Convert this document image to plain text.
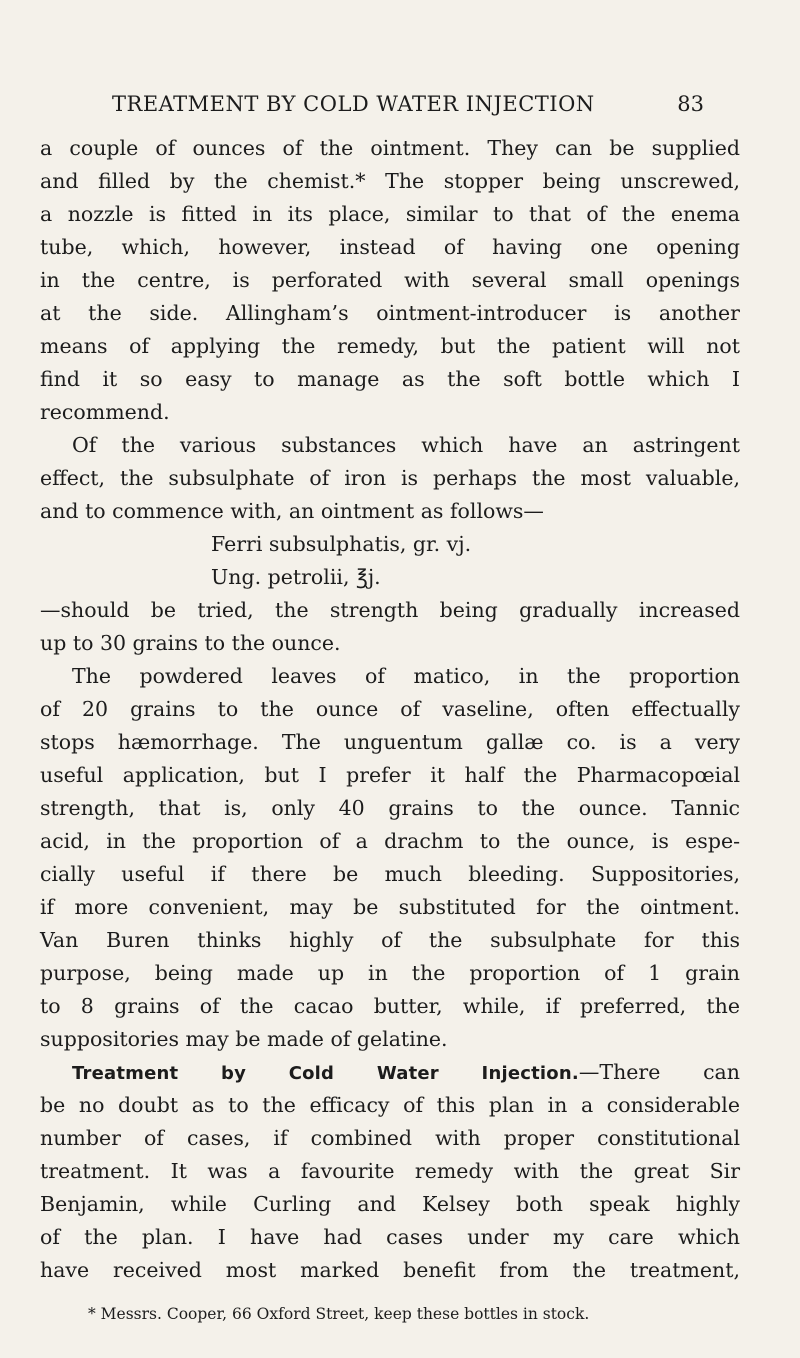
TREATMENT BY COLD WATER INJECTION	83
a couple of ounces of the ointment. They can be supplied
and filled by the chemist.* The stopper being unscrewed,
a nozzle is fitted in its place, similar to that of the enema
tube, which, however, instead of having one opening
in the centre, is perforated with several small openings
at the side. Allingham’s ointment-introducer is another
means of applying the remedy, but the patient will not
find it so easy to manage as the soft bottle which I
recommend.
Of the various substances which have an astringent
effect, the subsulphate of iron is perhaps the most valuable,
and to commence with, an ointment as follows—
Ferri subsulphatis, gr. vj.
Ung. petrolii, ℥j.
—should be tried, the strength being gradually increased
up to 30 grains to the ounce.
The powdered leaves of matico, in the proportion
of 20 grains to the ounce of vaseline, often effectually
stops hæmorrhage. The unguentum gallæ co. is a very
useful application, but I prefer it half the Pharmacopœial
strength, that is, only 40 grains to the ounce. Tannic
acid, in the proportion of a drachm to the ounce, is espe-
cially useful if there be much bleeding. Suppositories,
if more convenient, may be substituted for the ointment.
Van Buren thinks highly of the subsulphate for this
purpose, being made up in the proportion of 1 grain
to 8 grains of the cacao butter, while, if preferred, the
suppositories may be made of gelatine.
Treatment by Cold Water Injection.—There can
be no doubt as to the efficacy of this plan in a considerable
number of cases, if combined with proper constitutional
treatment. It was a favourite remedy with the great Sir
Benjamin, while Curling and Kelsey both speak highly
of the plan. I have had cases under my care which
have received most marked benefit from the treatment,
* Messrs. Cooper, 66 Oxford Street, keep these bottles in stock.
